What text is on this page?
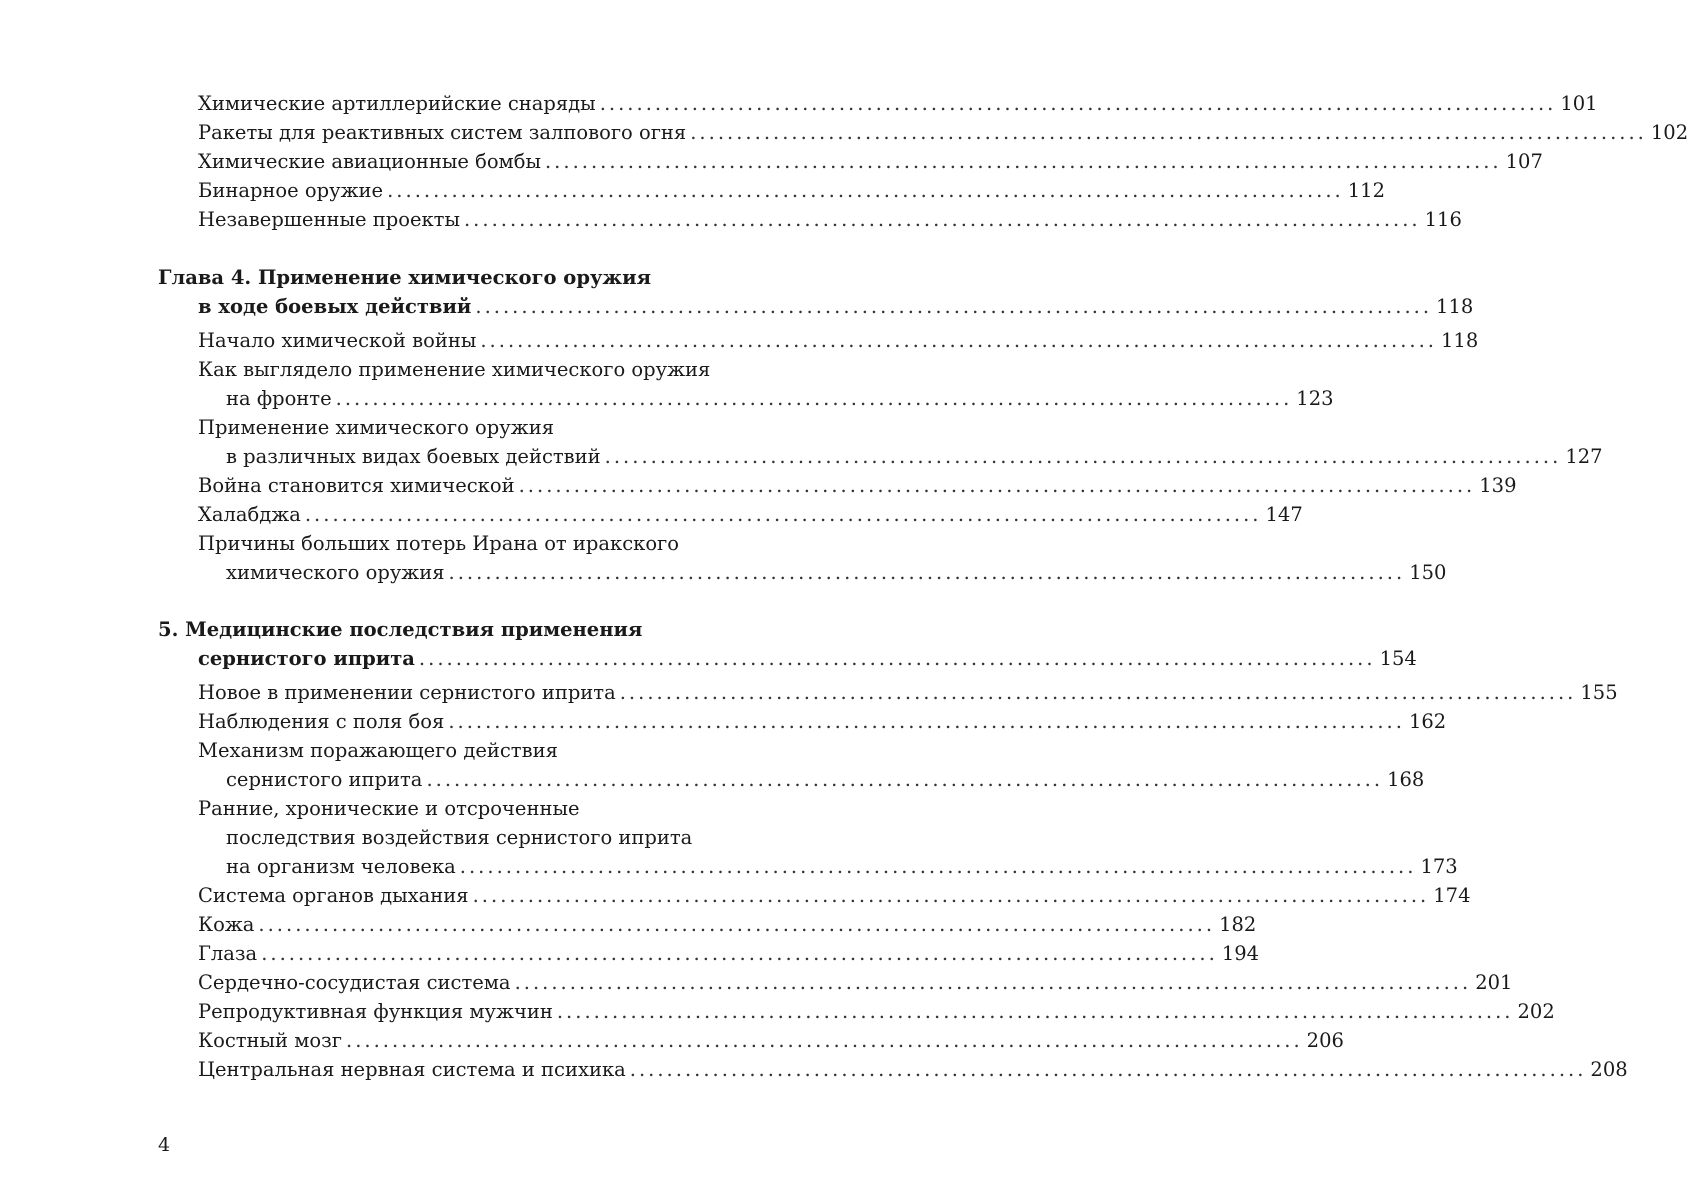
Химические артиллерийские снаряды ........................................................................................................ 101
Ракеты для реактивных систем залпового огня ........................................................................................................ 102
Химические авиационные бомбы ........................................................................................................ 107
Бинарное оружие ........................................................................................................ 112
Незавершенные проекты ........................................................................................................ 116
Глава 4. Применение химического оружия
в ходе боевых действий ........................................................................................................ 118
Начало химической войны ........................................................................................................ 118
Как выглядело применение химического оружия
на фронте ........................................................................................................ 123
Применение химического оружия
в различных видах боевых действий ........................................................................................................ 127
Война становится химической ........................................................................................................ 139
Халабджа ........................................................................................................ 147
Причины больших потерь Ирана от иракского
химического оружия ........................................................................................................ 150
5. Медицинские последствия применения
сернистого иприта ........................................................................................................ 154
Новое в применении сернистого иприта ........................................................................................................ 155
Наблюдения с поля боя ........................................................................................................ 162
Механизм поражающего действия
сернистого иприта ........................................................................................................ 168
Ранние, хронические и отсроченные
последствия воздействия сернистого иприта
на организм человека ........................................................................................................ 173
Система органов дыхания ........................................................................................................ 174
Кожа ........................................................................................................ 182
Глаза ........................................................................................................ 194
Сердечно-сосудистая система ........................................................................................................ 201
Репродуктивная функция мужчин ........................................................................................................ 202
Костный мозг ........................................................................................................ 206
Центральная нервная система и психика ........................................................................................................ 208
4
